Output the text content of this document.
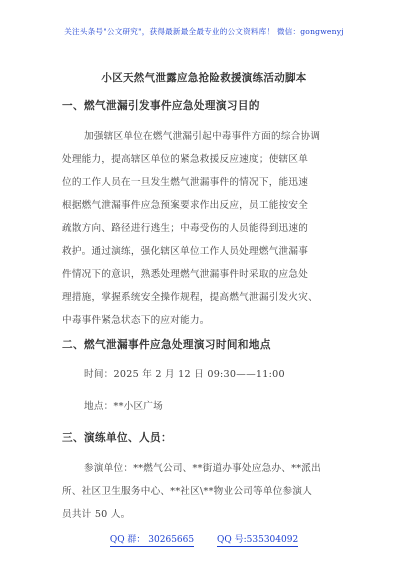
关注头条号"公文研究"，获得最新最全最专业的公文资料库！ 微信：gongwenyj
小区天然气泄露应急抢险救援演练活动脚本
一、燃气泄漏引发事件应急处理演习目的
加强辖区单位在燃气泄漏引起中毒事件方面的综合协调
处理能力，提高辖区单位的紧急救援反应速度；使辖区单
位的工作人员在一旦发生燃气泄漏事件的情况下，能迅速
根据燃气泄漏事件应急预案要求作出反应，员工能按安全
疏散方向、路径进行逃生；中毒受伤的人员能得到迅速的
救护。通过演练，强化辖区单位工作人员处理燃气泄漏事
件情况下的意识，熟悉处理燃气泄漏事件时采取的应急处
理措施，掌握系统安全操作规程，提高燃气泄漏引发火灾、
中毒事件紧急状态下的应对能力。
二、燃气泄漏事件应急处理演习时间和地点
时间：2025 年 2 月 12 日 09:30——11:00
地点：**小区广场
三、演练单位、人员：
参演单位：**燃气公司、**街道办事处应急办、**派出
所、社区卫生服务中心、**社区\**物业公司等单位参演人
员共计 50 人。
QQ 群： 30265665	QQ 号:535304092
